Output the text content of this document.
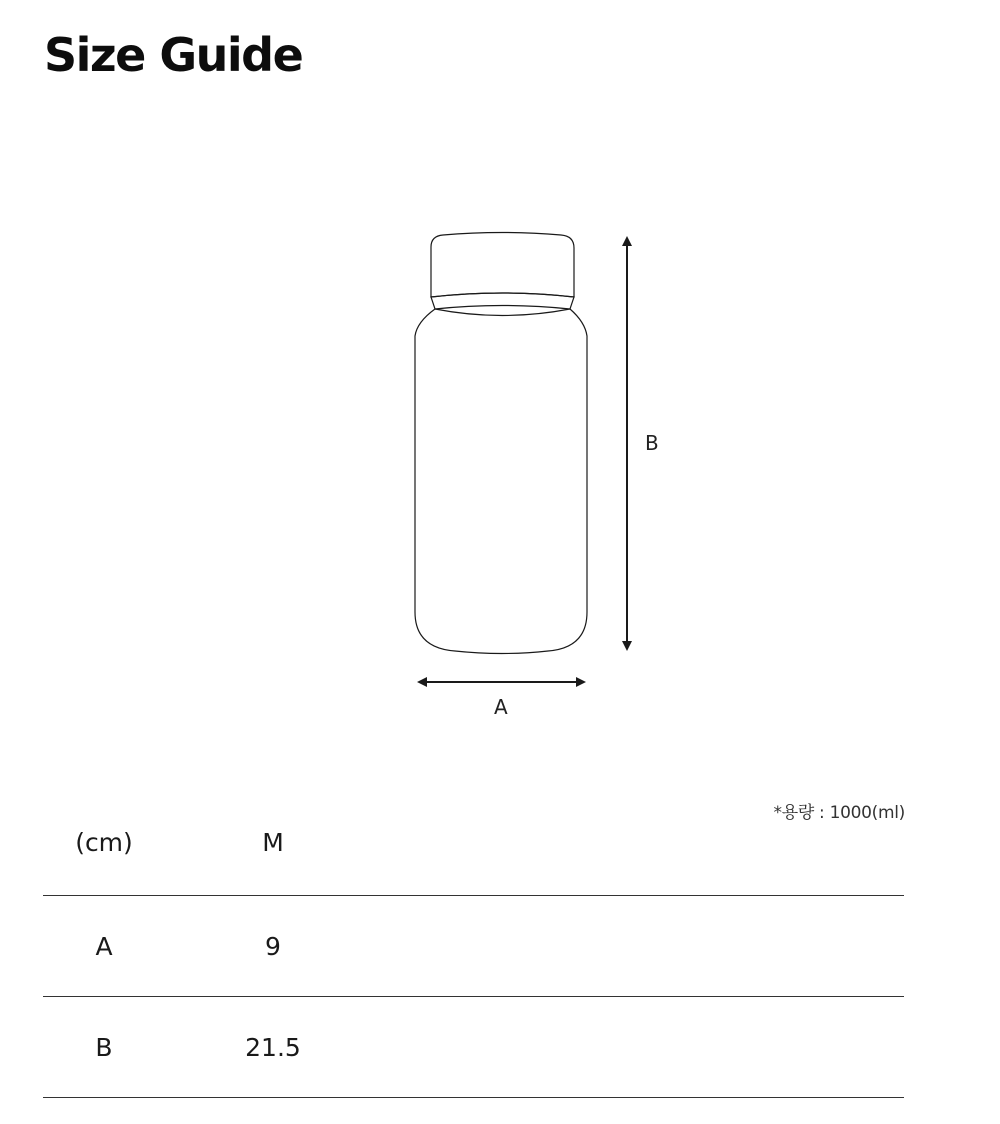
Size Guide
B
A
*용량 : 1000(ml)
(cm)	M	
A	9	
B	21.5	
